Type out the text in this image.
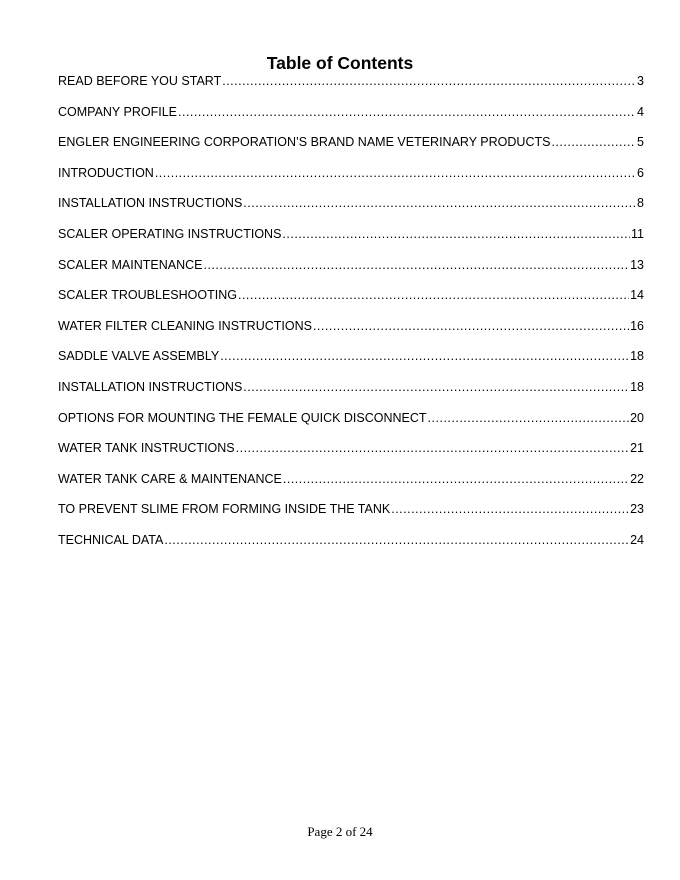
Table of Contents
READ BEFORE YOU START .....	3
COMPANY PROFILE .....	4
ENGLER ENGINEERING CORPORATION’S BRAND NAME VETERINARY PRODUCTS .....	5
INTRODUCTION .....	6
INSTALLATION INSTRUCTIONS .....	8
SCALER OPERATING INSTRUCTIONS .....	11
SCALER MAINTENANCE .....	13
SCALER TROUBLESHOOTING .....	14
WATER FILTER CLEANING INSTRUCTIONS .....	16
SADDLE VALVE ASSEMBLY .....	18
INSTALLATION INSTRUCTIONS .....	18
OPTIONS FOR MOUNTING THE FEMALE QUICK DISCONNECT .....	20
WATER TANK INSTRUCTIONS .....	21
WATER TANK CARE & MAINTENANCE .....	22
TO PREVENT SLIME FROM FORMING INSIDE THE TANK .....	23
TECHNICAL DATA .....	24
Page 2 of 24
